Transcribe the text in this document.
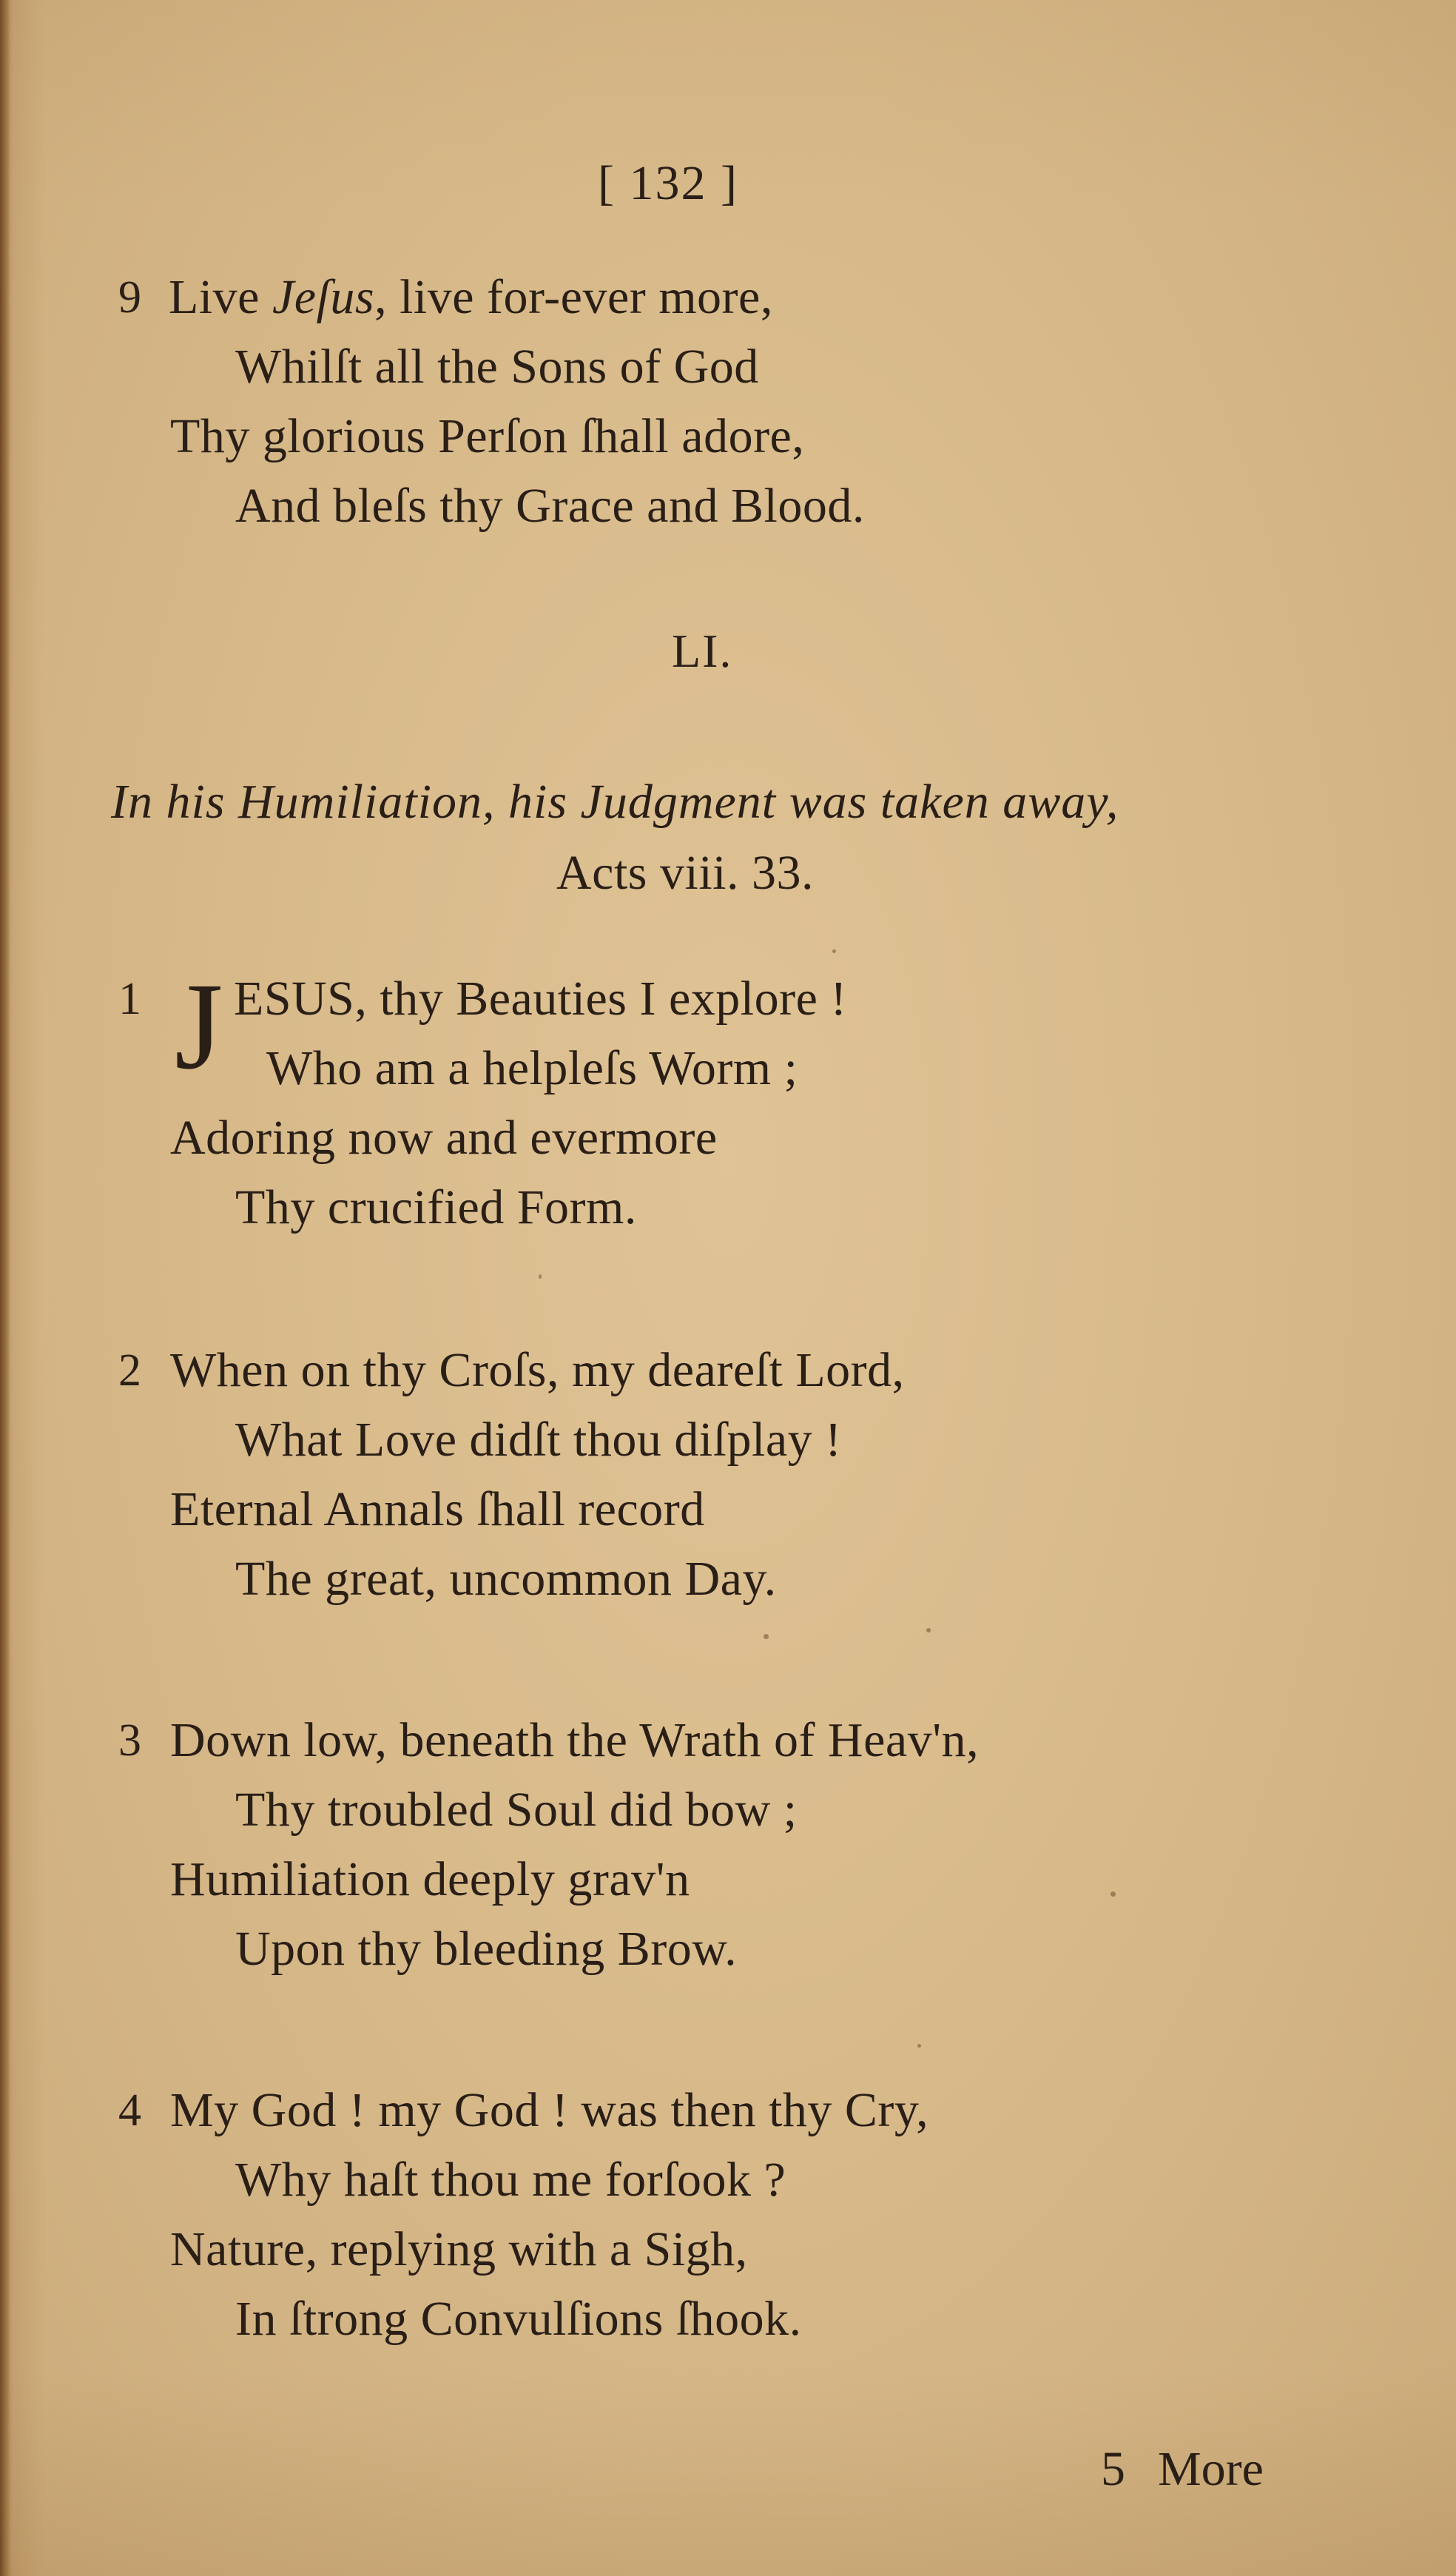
[ 132 ]
9 Live Jeſus, live for-ever more,
Whilſt all the Sons of God
Thy glorious Perſon ſhall adore,
And bleſs thy Grace and Blood.
LI.
In his Humiliation, his Judgment was taken away,
Acts viii. 33.
1 J ESUS, thy Beauties I explore !
Who am a helpleſs Worm ;
Adoring now and evermore
Thy crucified Form.
2 When on thy Croſs, my deareſt Lord,
What Love didſt thou diſplay !
Eternal Annals ſhall record
The great, uncommon Day.
3 Down low, beneath the Wrath of Heav'n,
Thy troubled Soul did bow ;
Humiliation deeply grav'n
Upon thy bleeding Brow.
4 My God ! my God ! was then thy Cry,
Why haſt thou me forſook ?
Nature, replying with a Sigh,
In ſtrong Convulſions ſhook.
5 More
